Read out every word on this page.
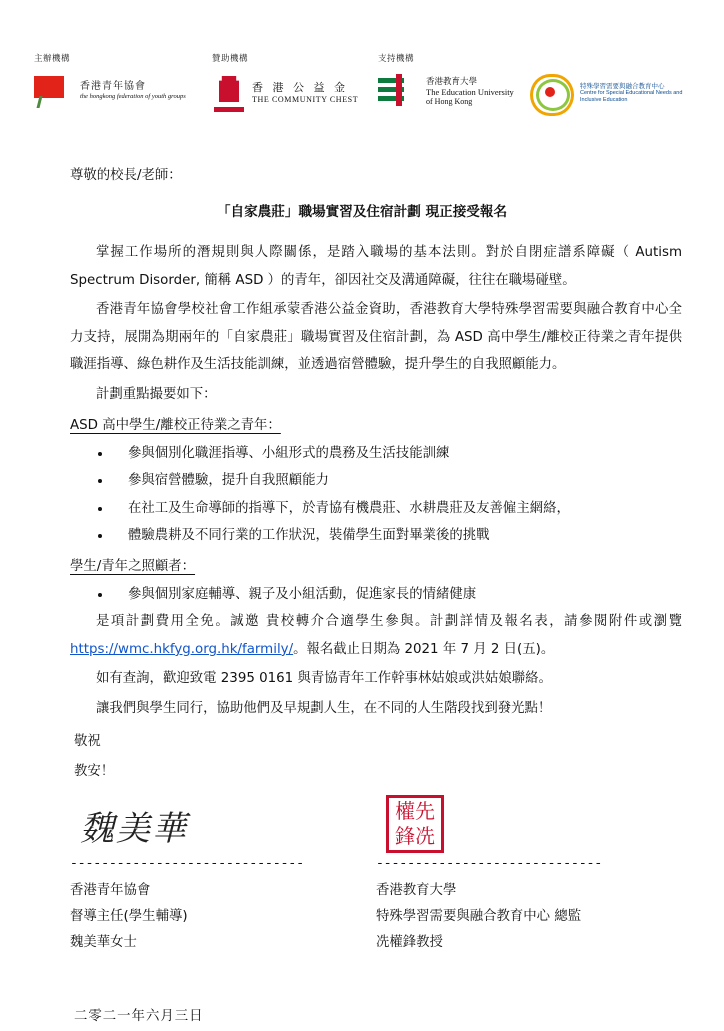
主辦機構
香港青年協會
the hongkong federation of youth groups
贊助機構
香 港 公 益 金
THE COMMUNITY CHEST
支持機構
香港教育大學
The Education University
of Hong Kong

特殊學習需要與融合教育中心
Centre for Special Educational Needs and Inclusive Education
尊敬的校長/老師：
「自家農莊」職場實習及住宿計劃 現正接受報名

掌握工作場所的潛規則與人際關係，是踏入職場的基本法則。對於自閉症譜系障礙（ Autism Spectrum Disorder, 簡稱 ASD ）的青年，卻因社交及溝通障礙，往往在職場碰壁。

香港青年協會學校社會工作組承蒙香港公益金資助，香港教育大學特殊學習需要與融合教育中心全力支持，展開為期兩年的「自家農莊」職場實習及住宿計劃，為 ASD 高中學生/離校正待業之青年提供職涯指導、綠色耕作及生活技能訓練，並透過宿營體驗，提升學生的自我照顧能力。

計劃重點撮要如下：

ASD 高中學生/離校正待業之青年：
參與個別化職涯指導、小組形式的農務及生活技能訓練
參與宿營體驗，提升自我照顧能力
在社工及生命導師的指導下，於青協有機農莊、水耕農莊及友善僱主網絡，
體驗農耕及不同行業的工作狀況，裝備學生面對畢業後的挑戰
學生/青年之照顧者：
參與個別家庭輔導、親子及小組活動，促進家長的情緒健康

是項計劃費用全免。誠邀 貴校轉介合適學生參與。計劃詳情及報名表，請參閱附件或瀏覽 https://wmc.hkfyg.org.hk/farmily/。報名截止日期為 2021 年 7 月 2 日(五)。

如有查詢，歡迎致電 2395 0161 與青協青年工作幹事林姑娘或洪姑娘聯絡。

讓我們與學生同行，協助他們及早規劃人生，在不同的人生階段找到發光點！

敬祝
教安！
魏美華
------------------------------
香港青年協會
督導主任(學生輔導)
魏美華女士
權 先
鋒 冼
-----------------------------
香港教育大學
特殊學習需要與融合教育中心 總監
冼權鋒教授
二零二一年六月三日
